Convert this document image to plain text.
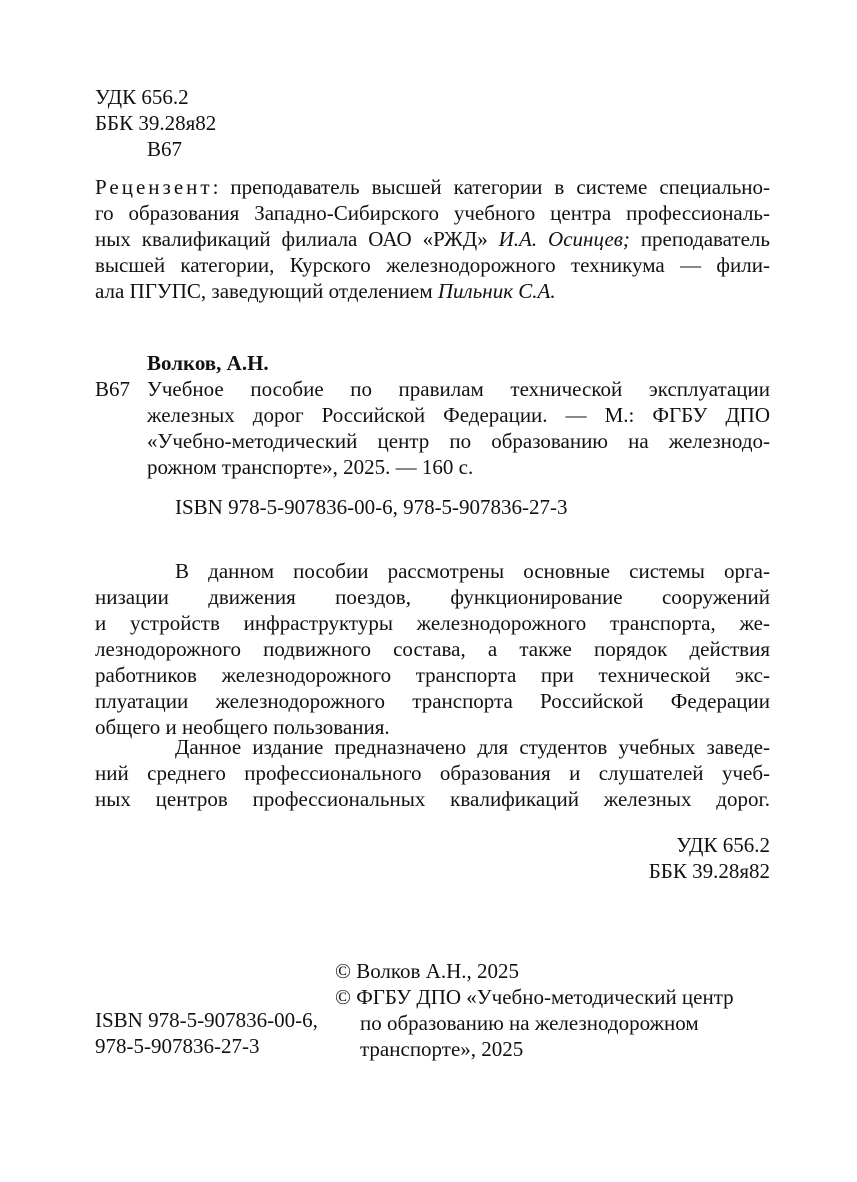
УДК 656.2
ББК 39.28я82
В67
Рецензент: преподаватель высшей категории в системе специально-
го образования Западно-Сибирского учебного центра профессиональ-
ных квалификаций филиала ОАО «РЖД» И.А. Осинцев; преподаватель
высшей категории, Курского железнодорожного техникума — фили-
ала ПГУПС, заведующий отделением Пильник С.А.
Волков, А.Н.
В67 Учебное пособие по правилам технической эксплуатации
железных дорог Российской Федерации. — М.: ФГБУ ДПО
«Учебно-методический центр по образованию на железнодо-
рожном транспорте», 2025. — 160 с.
ISBN 978-5-907836-00-6, 978-5-907836-27-3
В данном пособии рассмотрены основные системы орга-
низации движения поездов, функционирование сооружений
и устройств инфраструктуры железнодорожного транспорта, же-
лезнодорожного подвижного состава, а также порядок действия
работников железнодорожного транспорта при технической экс-
плуатации железнодорожного транспорта Российской Федерации
общего и необщего пользования.
Данное издание предназначено для студентов учебных заведе-
ний среднего профессионального образования и слушателей учеб-
ных центров профессиональных квалификаций железных дорог.
УДК 656.2
ББК 39.28я82
© Волков А.Н., 2025
© ФГБУ ДПО «Учебно-методический центр
по образованию на железнодорожном
транспорте», 2025
ISBN 978-5-907836-00-6,
978-5-907836-27-3
